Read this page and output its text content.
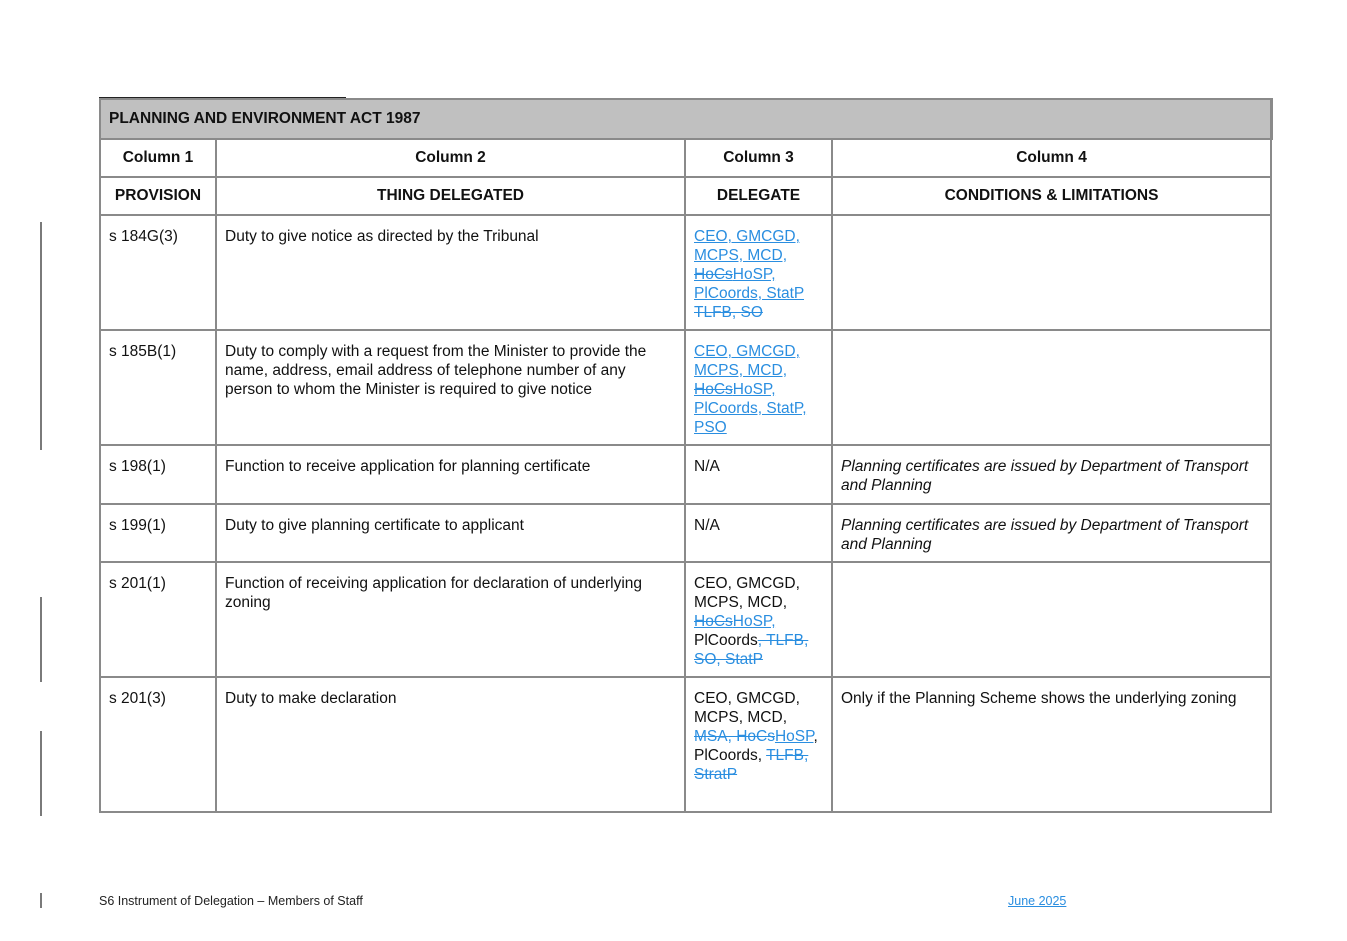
PLANNING AND ENVIRONMENT ACT 1987			
Column 1	Column 2	Column 3	Column 4
PROVISION	THING DELEGATED	DELEGATE	CONDITIONS & LIMITATIONS
s 184G(3)	Duty to give notice as directed by the Tribunal	CEO, GMCGD, MCPS, MCD, HoCsHoSP, PlCoords, StatP TLFB, SO	
s 185B(1)	Duty to comply with a request from the Minister to provide the name, address, email address of telephone number of any person to whom the Minister is required to give notice	CEO, GMCGD, MCPS, MCD, HoCsHoSP, PlCoords, StatP, PSO	
s 198(1)	Function to receive application for planning certificate	N/A	Planning certificates are issued by Department of Transport and Planning
s 199(1)	Duty to give planning certificate to applicant	N/A	Planning certificates are issued by Department of Transport and Planning
s 201(1)	Function of receiving application for declaration of underlying zoning	CEO, GMCGD, MCPS, MCD, HoCsHoSP, PlCoords, TLFB, SO, StatP	
s 201(3)	Duty to make declaration	CEO, GMCGD, MCPS, MCD, MSA, HoCsHoSP, PlCoords, TLFB, StratP	Only if the Planning Scheme shows the underlying zoning
S6 Instrument of Delegation – Members of Staff	June 2025
